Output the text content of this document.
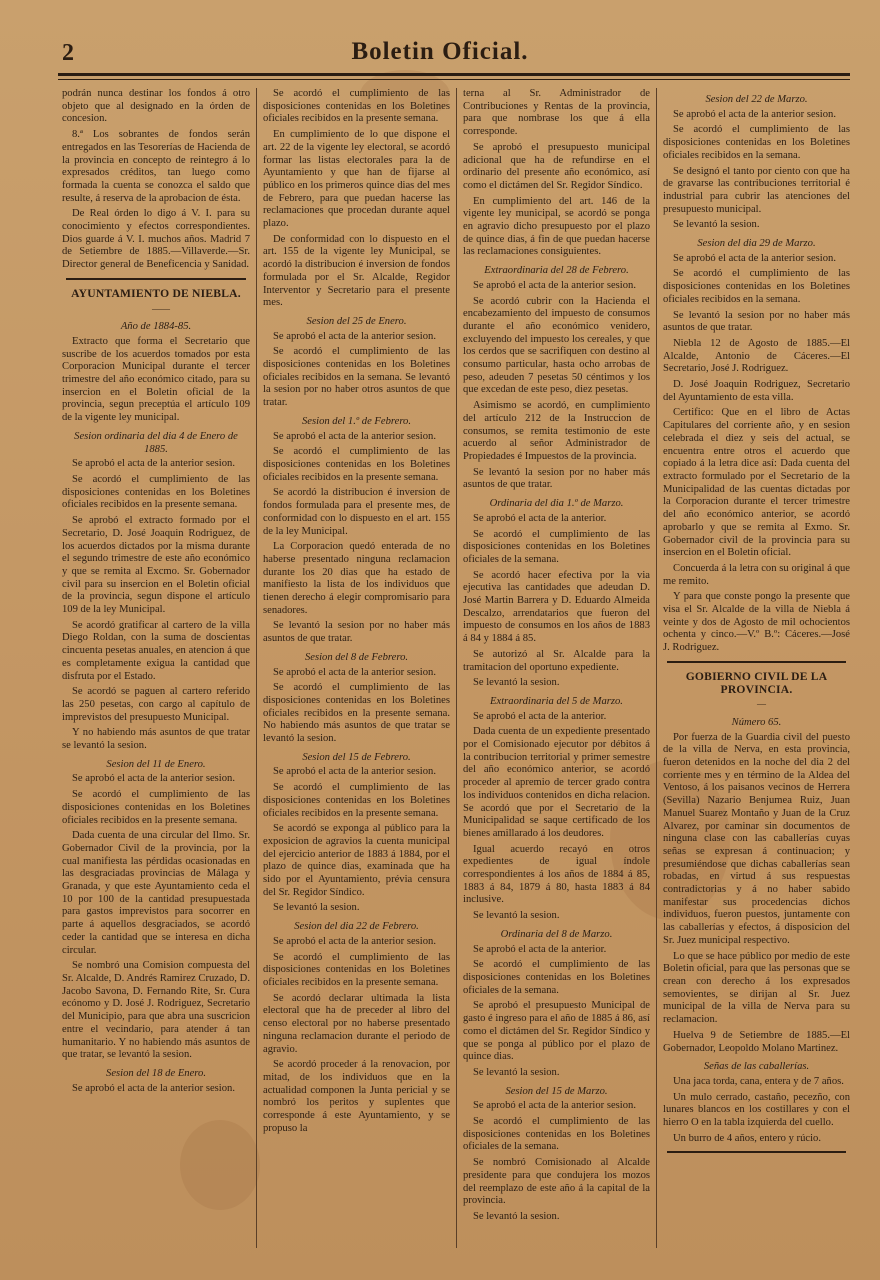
2	Boletin Oficial.

podrán nunca destinar los fondos á otro objeto que al designado en la órden de concesion.

8.ª Los sobrantes de fondos serán entregados en las Tesorerías de Hacienda de la provincia en concepto de reintegro á lo expresados créditos, tan luego como formada la cuenta se conozca el saldo que resulte, á reserva de la aprobacion de ésta.

De Real órden lo digo á V. I. para su conocimiento y efectos correspondientes. Dios guarde á V. I. muchos años. Madrid 7 de Setiembre de 1885.—Villaverde.—Sr. Director general de Beneficencia y Sanidad.

AYUNTAMIENTO DE NIEBLA.

——

Año de 1884-85.

Extracto que forma el Secretario que suscribe de los acuerdos tomados por esta Corporacion Municipal durante el tercer trimestre del año económico citado, para su insercion en el Boletin oficial de la provincia, segun preceptúa el artículo 109 de la vigente ley municipal.

Sesion ordinaria del dia 4 de Enero de 1885.

Se aprobó el acta de la anterior sesion.

Se acordó el cumplimiento de las disposiciones contenidas en los Boletines oficiales recibidos en la presente semana.

Se aprobó el extracto formado por el Secretario, D. José Joaquin Rodriguez, de los acuerdos dictados por la misma durante el segundo trimestre de este año económico y que se remita al Excmo. Sr. Gobernador civil para su insercion en el Boletin oficial de la provincia, segun dispone el artículo 109 de la ley Municipal.

Se acordó gratificar al cartero de la villa Diego Roldan, con la suma de doscientas cincuenta pesetas anuales, en atencion á que es completamente exigua la cantidad que disfruta por el Estado.

Se acordó se paguen al cartero referido las 250 pesetas, con cargo al capítulo de imprevistos del presupuesto Municipal.

Y no habiendo más asuntos de que tratar se levantó la sesion.

Sesion del 11 de Enero.

Se aprobó el acta de la anterior sesion.

Se acordó el cumplimiento de las disposiciones contenidas en los Boletines oficiales recibidos en la presente semana.

Dada cuenta de una circular del Ilmo. Sr. Gobernador Civil de la provincia, por la cual manifiesta las pérdidas ocasionadas en las desgraciadas provincias de Málaga y Granada, y que este Ayuntamiento ceda el 10 por 100 de la cantidad presupuestada para gastos imprevistos para socorrer en parte á aquellos desgraciados, se acordó ceder la cantidad que se interesa en dicha circular.

Se nombró una Comision compuesta del Sr. Alcalde, D. Andrés Ramirez Cruzado, D. Jacobo Savona, D. Fernando Rite, Sr. Cura ecónomo y D. José J. Rodriguez, Secretario del Municipio, para que abra una suscricion entre el vecindario, para atender á tan humanitario. Y no habiendo más asuntos de que tratar, se levantó la sesion.

Sesion del 18 de Enero.

Se aprobó el acta de la anterior sesion.

Se acordó el cumplimiento de las disposiciones contenidas en los Boletines oficiales recibidos en la presente semana.

En cumplimiento de lo que dispone el art. 22 de la vigente ley electoral, se acordó formar las listas electorales para la de Ayuntamiento y que han de fijarse al público en los primeros quince dias del mes de Febrero, para que puedan hacerse las reclamaciones que procedan durante aquel plazo.

De conformidad con lo dispuesto en el art. 155 de la vigente ley Municipal, se acordó la distribucion é inversion de fondos formulada por el Sr. Alcalde, Regidor Interventor y Secretario para el presente mes.

Sesion del 25 de Enero.

Se aprobó el acta de la anterior sesion.

Se acordó el cumplimiento de las disposiciones contenidas en los Boletines oficiales recibidos en la semana. Se levantó la sesion por no haber otros asuntos de que tratar.

Sesion del 1.º de Febrero.

Se aprobó el acta de la anterior sesion.

Se acordó el cumplimiento de las disposiciones contenidas en los Boletines oficiales recibidos en la presente semana.

Se acordó la distribucion é inversion de fondos formulada para el presente mes, de conformidad con lo dispuesto en el art. 155 de la ley Municipal.

La Corporacion quedó enterada de no haberse presentado ninguna reclamacion durante los 20 dias que ha estado de manifiesto la lista de los individuos que tienen derecho á elegir compromisario para senadores.

Se levantó la sesion por no haber más asuntos de que tratar.

Sesion del 8 de Febrero.

Se aprobó el acta de la anterior sesion.

Se acordó el cumplimiento de las disposiciones contenidas en los Boletines oficiales recibidos en la presente semana. No habiendo más asuntos de que tratar se levantó la sesion.

Sesion del 15 de Febrero.

Se aprobó el acta de la anterior sesion.

Se acordó el cumplimiento de las disposiciones contenidas en los Boletines oficiales recibidos en la presente semana.

Se acordó se exponga al público para la exposicion de agravios la cuenta municipal del ejercicio anterior de 1883 á 1884, por el plazo de quince dias, examinada que ha sido por el Ayuntamiento, prévia censura del Sr. Regidor Síndico.

Se levantó la sesion.

Sesion del dia 22 de Febrero.

Se aprobó el acta de la anterior sesion.

Se acordó el cumplimiento de las disposiciones contenidas en los Boletines oficiales recibidos en la presente semana.

Se acordó declarar ultimada la lista electoral que ha de preceder al libro del censo electoral por no haberse presentado ninguna reclamacion durante el periodo de agravio.

Se acordó proceder á la renovacion, por mitad, de los individuos que en la actualidad componen la Junta pericial y se nombró los peritos y suplentes que corresponde á este Ayuntamiento, y se propuso la

terna al Sr. Administrador de Contribuciones y Rentas de la provincia, para que nombrase los que á ella corresponde.

Se aprobó el presupuesto municipal adicional que ha de refundirse en el ordinario del presente año económico, así como el dictámen del Sr. Regidor Síndico.

En cumplimiento del art. 146 de la vigente ley municipal, se acordó se ponga en agravio dicho presupuesto por el plazo de quince dias, á fin de que puedan hacerse las reclamaciones consiguientes.

Extraordinaria del 28 de Febrero.

Se aprobó el acta de la anterior sesion.

Se acordó cubrir con la Hacienda el encabezamiento del impuesto de consumos durante el año económico venidero, excluyendo del impuesto los cereales, y que los cerdos que se sacrifiquen con destino al consumo particular, hasta ocho arrobas de peso, adeuden 7 pesetas 50 céntimos y los que excedan de este peso, diez pesetas.

Asimismo se acordó, en cumplimiento del artículo 212 de la Instruccion de consumos, se remita testimonio de este acuerdo al señor Administrador de Propiedades é Impuestos de la provincia.

Se levantó la sesion por no haber más asuntos de que tratar.

Ordinaria del dia 1.º de Marzo.

Se aprobó el acta de la anterior.

Se acordó el cumplimiento de las disposiciones contenidas en los Boletines oficiales de la semana.

Se acordó hacer efectiva por la via ejecutiva las cantidades que adeudan D. José Martin Barrera y D. Eduardo Almeida Descalzo, arrendatarios que fueron del impuesto de consumos en los años de 1883 á 84 y 1884 á 85.

Se autorizó al Sr. Alcalde para la tramitacion del oportuno expediente.

Se levantó la sesion.

Extraordinaria del 5 de Marzo.

Se aprobó el acta de la anterior.

Dada cuenta de un expediente presentado por el Comisionado ejecutor por débitos á la contribucion territorial y primer semestre del año económico anterior, se acordó proceder al apremio de tercer grado contra los individuos contenidos en dicha relacion. Se acordó que por el Secretario de la Municipalidad se saque certificado de los bienes amillarado á los deudores.

Igual acuerdo recayó en otros expedientes de igual índole correspondientes á los años de 1884 á 85, 1883 á 84, 1879 á 80, hasta 1883 á 84 inclusive.

Se levantó la sesion.

Ordinaria del 8 de Marzo.

Se aprobó el acta de la anterior.

Se acordó el cumplimiento de las disposiciones contenidas en los Boletines oficiales de la semana.

Se aprobó el presupuesto Municipal de gasto é ingreso para el año de 1885 á 86, así como el dictámen del Sr. Regidor Síndico y que se ponga al público por el plazo de quince dias.

Se levantó la sesion.

Sesion del 15 de Marzo.

Se aprobó el acta de la anterior sesion.

Se acordó el cumplimiento de las disposiciones contenidas en los Boletines oficiales de la semana.

Se nombró Comisionado al Alcalde presidente para que condujera los mozos del reemplazo de este año á la capital de la provincia.

Se levantó la sesion.

Sesion del 22 de Marzo.

Se aprobó el acta de la anterior sesion.

Se acordó el cumplimiento de las disposiciones contenidas en los Boletines oficiales recibidos en la semana.

Se designó el tanto por ciento con que ha de gravarse las contribuciones territorial é industrial para cubrir las atenciones del presupuesto municipal.

Se levantó la sesion.

Sesion del dia 29 de Marzo.

Se aprobó el acta de la anterior sesion.

Se acordó el cumplimiento de las disposiciones contenidas en los Boletines oficiales recibidos en la semana.

Se levantó la sesion por no haber más asuntos de que tratar.

Niebla 12 de Agosto de 1885.—El Alcalde, Antonio de Cáceres.—El Secretario, José J. Rodriguez.

D. José Joaquin Rodriguez, Secretario del Ayuntamiento de esta villa.

Certifico: Que en el libro de Actas Capitulares del corriente año, y en sesion celebrada el diez y seis del actual, se encuentra entre otros el acuerdo que copiado á la letra dice así: Dada cuenta del extracto formulado por el Secretario de la Municipalidad de las cuentas dictadas por la Corporacion durante el tercer trimestre del año económico anterior, se acordó aprobarlo y que se remita al Exmo. Sr. Gobernador civil de la provincia para su insercion en el Boletin oficial.

Concuerda á la letra con su original á que me remito.

Y para que conste pongo la presente que visa el Sr. Alcalde de la villa de Niebla á veinte y dos de Agosto de mil ochocientos ochenta y cinco.—V.º B.º: Cáceres.—José J. Rodriguez.

GOBIERNO CIVIL DE LA PROVINCIA.

—

Número 65.

Por fuerza de la Guardia civil del puesto de la villa de Nerva, en esta provincia, fueron detenidos en la noche del dia 2 del corriente mes y en término de la Aldea del Ventoso, á los paisanos vecinos de Herrera (Sevilla) Nazario Benjumea Ruiz, Juan Manuel Suarez Montaño y Juan de la Cruz Alvarez, por caminar sin documentos de ninguna clase con las caballerías cuyas señas se expresan á continuacion; y presumiéndose que dichas caballerías sean robadas, en virtud á sus respuestas contradictorias y á no haber sabido manifestar sus procedencias dichos individuos, fueron puestos, juntamente con las caballerías y efectos, á disposicion del Sr. Juez municipal respectivo.

Lo que se hace público por medio de este Boletin oficial, para que las personas que se crean con derecho á los expresados semovientes, se dirijan al Sr. Juez municipal de la villa de Nerva para su reclamacion.

Huelva 9 de Setiembre de 1885.—El Gobernador, Leopoldo Molano Martinez.

Señas de las caballerías.

Una jaca torda, cana, entera y de 7 años.

Un mulo cerrado, castaño, pecezño, con lunares blancos en los costillares y con el hierro O en la tabla izquierda del cuello.

Un burro de 4 años, entero y rúcio.
